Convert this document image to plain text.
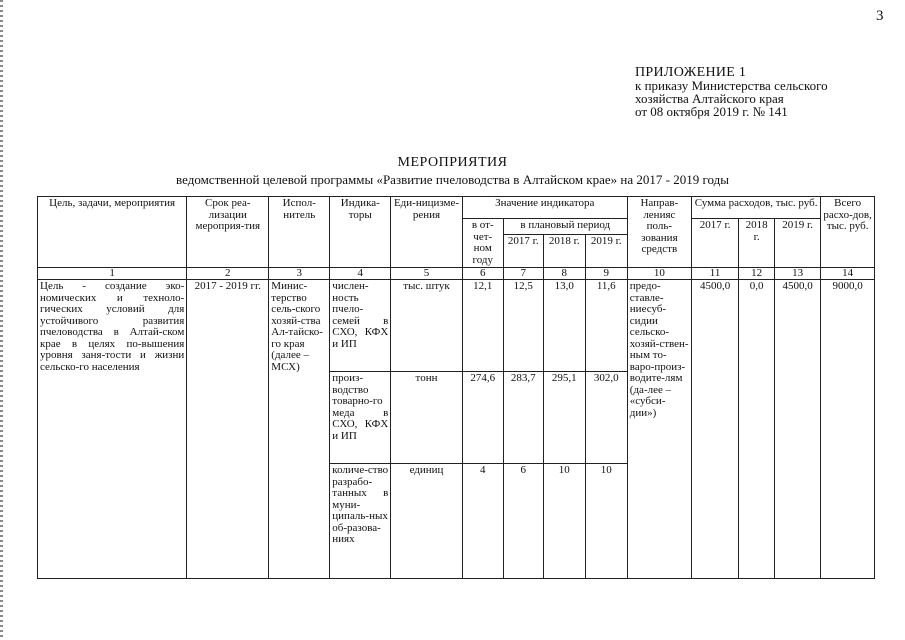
3
ПРИЛОЖЕНИЕ 1
к приказу Министерства сельского
хозяйства Алтайского края
от 08 октября 2019 г. № 141
МЕРОПРИЯТИЯ
ведомственной целевой программы «Развитие пчеловодства в Алтайском крае» на 2017 - 2019 годы
Цель, задачи, мероприятия	Срок реа-лизации мероприя-тия	Испол-нитель	Индика-торы	Еди-ницизме-рения	Значение индикатора				Направ-ленияс поль-зования средств	Сумма расходов, тыс. руб.			Всего расхо-дов, тыс. руб.
					в от-чет-ном году	в плановый период				2017 г.	2018 г.	2019 г.	
						2017 г.	2018 г.	2019 г.					
1	2	3	4	5	6	7	8	9	10	11	12	13	14
Цель - создание эко-номических и техноло-гических условий для устойчивого развития пчеловодства в Алтай-ском крае в целях по-вышения уровня заня-тости и жизни сельско-го населения	2017 - 2019 гг.	Минис-терство сель-ского хозяй-ства Ал-тайско-го края (далее – МСХ)	числен-ность пчело-семей в СХО, КФХ и ИП	тыс. штук	12,1	12,5	13,0	11,6	предо-ставле-ниесуб-сидии сельско-хозяй-ствен-ным то-варо-произ-водите-лям (да-лее – «субси-дии»)	4500,0	0,0	4500,0	9000,0
			произ-водство товарно-го меда в СХО, КФХ и ИП	тонн	274,6	283,7	295,1	302,0					
			количе-ство разрабо-танных в муни-ципаль-ных об-разова-ниях	единиц	4	6	10	10					
